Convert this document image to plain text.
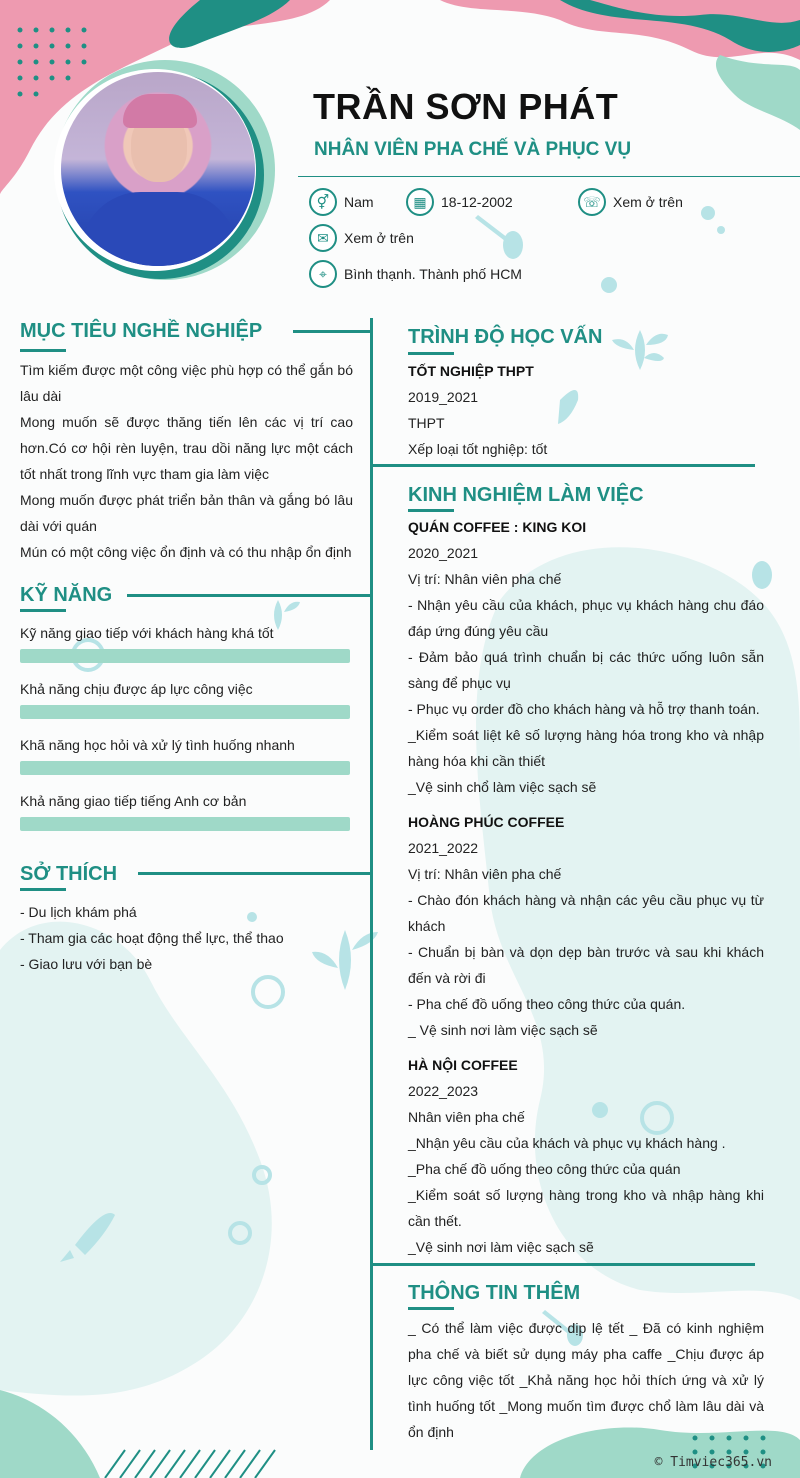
TRẦN SƠN PHÁT
NHÂN VIÊN PHA CHẾ VÀ PHỤC VỤ
⚥	Nam	▦	18-12-2002	☏ Xem ở trên
✉	Xem ở trên
⌖	Bình thạnh. Thành phố HCM
MỤC TIÊU NGHỀ NGHIỆP
Tìm kiếm được một công việc phù hợp có thể gắn bó lâu dài
Mong muốn sẽ được thăng tiến lên các vị trí cao hơn.Có cơ hội rèn luyện, trau dồi năng lực một cách tốt nhất trong lĩnh vực tham gia làm việc
Mong muốn được phát triển bản thân và gắng bó lâu dài với quán
Mún có một công việc ổn định và có thu nhập ổn định
KỸ NĂNG
Kỹ năng giao tiếp với khách hàng khá tốt
Khả năng chịu được áp lực công việc
Khã năng học hỏi và xử lý tình huống nhanh
Khả năng giao tiếp tiếng Anh cơ bản
SỞ THÍCH
- Du lịch khám phá
- Tham gia các hoạt động thể lực, thể thao
- Giao lưu với bạn bè
TRÌNH ĐỘ HỌC VẤN
TỐT NGHIỆP THPT
2019_2021
THPT
Xếp loại tốt nghiệp: tốt
KINH NGHIỆM LÀM VIỆC
QUÁN COFFEE : KING KOI
2020_2021
Vị trí: Nhân viên pha chế
- Nhận yêu cầu của khách, phục vụ khách hàng chu đáo đáp ứng đúng yêu cầu
- Đảm bảo quá trình chuẩn bị các thức uống luôn sẵn sàng để phục vụ
- Phục vụ order đồ cho khách hàng và hỗ trợ thanh toán.
_Kiểm soát liệt kê số lượng hàng hóa trong kho và nhập hàng hóa khi cần thiết
_Vệ sinh chổ làm việc sạch sẽ
HOÀNG PHÚC COFFEE
2021_2022
Vị trí: Nhân viên pha chế
- Chào đón khách hàng và nhận các yêu cầu phục vụ từ khách
- Chuẩn bị bàn và dọn dẹp bàn trước và sau khi khách đến và rời đi
- Pha chế đồ uống theo công thức của quán.
_ Vệ sinh nơi làm việc sạch sẽ
HÀ NỘI COFFEE
2022_2023
Nhân viên pha chế
_Nhận yêu cầu của khách và phục vụ khách hàng .
_Pha chế đồ uống theo công thức của quán
_Kiểm soát số lượng hàng trong kho và nhập hàng khi cần thết.
_Vệ sinh nơi làm việc sạch sẽ
THÔNG TIN THÊM
_ Có thể làm việc được dịp lệ tết _ Đã có kinh nghiệm pha chế và biết sử dụng máy pha caffe _Chịu được áp lực công việc tốt _Khả năng học hỏi thích ứng và xử lý tình huống tốt _Mong muốn tìm được chổ làm lâu dài và ổn định
© Timviec365.vn
